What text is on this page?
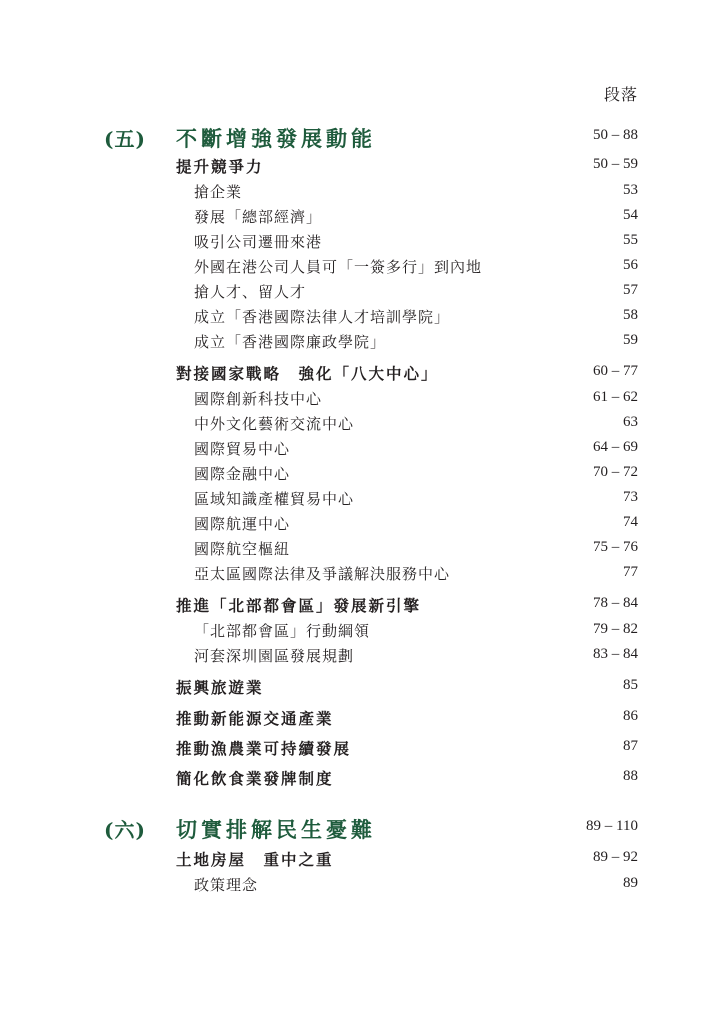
段落
(五) 不斷增強發展動能	50 – 88
提升競爭力	50 – 59
搶企業	53
發展「總部經濟」	54
吸引公司遷冊來港	55
外國在港公司人員可「一簽多行」到內地	56
搶人才、留人才	57
成立「香港國際法律人才培訓學院」	58
成立「香港國際廉政學院」	59
對接國家戰略　強化「八大中心」	60 – 77
國際創新科技中心	61 – 62
中外文化藝術交流中心	63
國際貿易中心	64 – 69
國際金融中心	70 – 72
區域知識產權貿易中心	73
國際航運中心	74
國際航空樞紐	75 – 76
亞太區國際法律及爭議解決服務中心	77
推進「北部都會區」發展新引擎	78 – 84
「北部都會區」行動綱領	79 – 82
河套深圳園區發展規劃	83 – 84
振興旅遊業	85
推動新能源交通產業	86
推動漁農業可持續發展	87
簡化飲食業發牌制度	88
(六) 切實排解民生憂難	89 – 110
土地房屋　重中之重	89 – 92
政策理念	89
